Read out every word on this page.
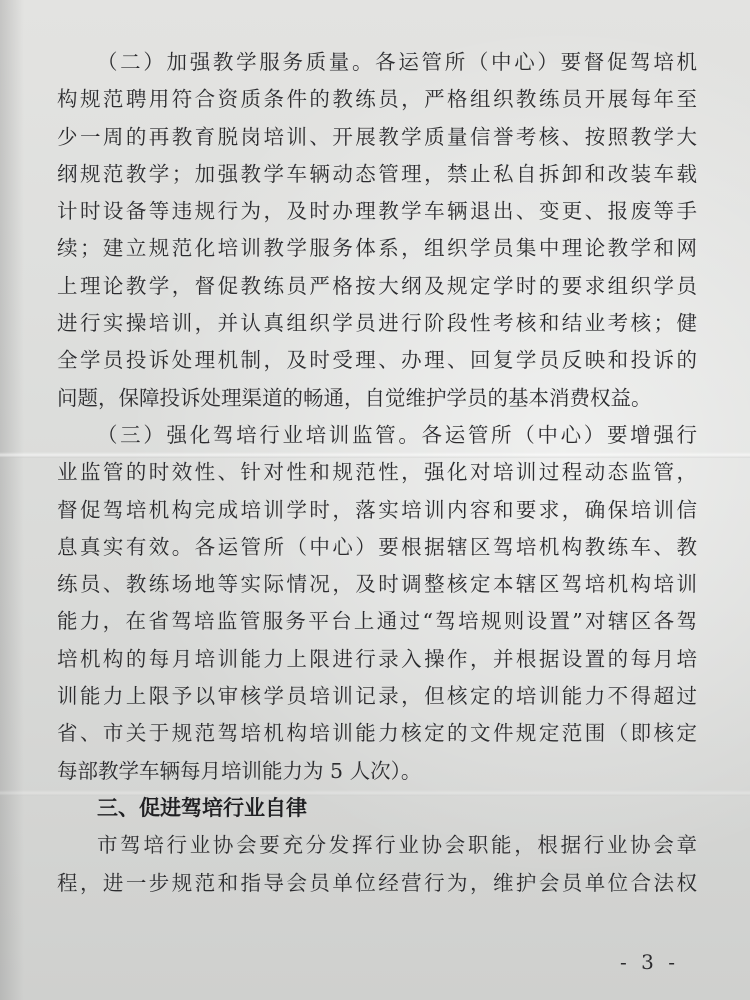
（二）加强教学服务质量。各运管所（中心）要督促驾培机
构规范聘用符合资质条件的教练员，严格组织教练员开展每年至
少一周的再教育脱岗培训、开展教学质量信誉考核、按照教学大
纲规范教学；加强教学车辆动态管理，禁止私自拆卸和改装车载
计时设备等违规行为，及时办理教学车辆退出、变更、报废等手
续；建立规范化培训教学服务体系，组织学员集中理论教学和网
上理论教学，督促教练员严格按大纲及规定学时的要求组织学员
进行实操培训，并认真组织学员进行阶段性考核和结业考核；健
全学员投诉处理机制，及时受理、办理、回复学员反映和投诉的
问题，保障投诉处理渠道的畅通，自觉维护学员的基本消费权益。
（三）强化驾培行业培训监管。各运管所（中心）要增强行
业监管的时效性、针对性和规范性，强化对培训过程动态监管，
督促驾培机构完成培训学时，落实培训内容和要求，确保培训信
息真实有效。各运管所（中心）要根据辖区驾培机构教练车、教
练员、教练场地等实际情况，及时调整核定本辖区驾培机构培训
能力，在省驾培监管服务平台上通过“驾培规则设置”对辖区各驾
培机构的每月培训能力上限进行录入操作，并根据设置的每月培
训能力上限予以审核学员培训记录，但核定的培训能力不得超过
省、市关于规范驾培机构培训能力核定的文件规定范围（即核定
每部教学车辆每月培训能力为 5 人次）。
三、促进驾培行业自律
市驾培行业协会要充分发挥行业协会职能，根据行业协会章
程，进一步规范和指导会员单位经营行为，维护会员单位合法权
- 3 -
